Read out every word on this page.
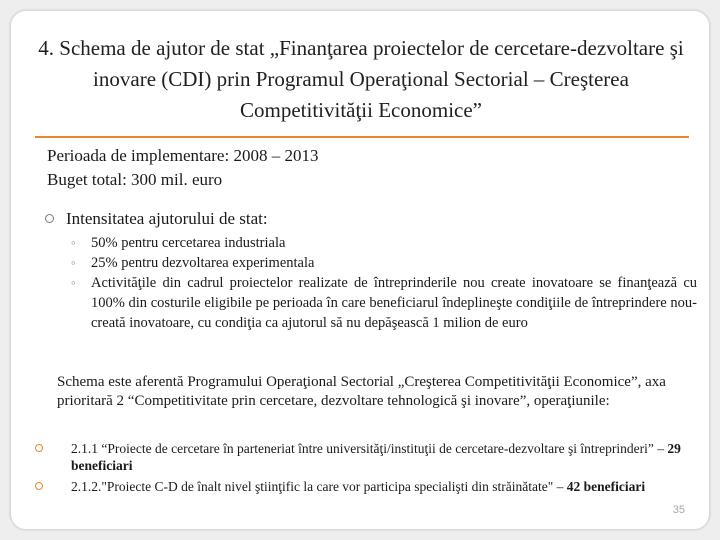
4. Schema de ajutor de stat „Finanţarea proiectelor de cercetare-dezvoltare şi inovare (CDI) prin Programul Operaţional Sectorial – Creşterea Competitivităţii Economice”
Perioada de implementare: 2008 – 2013
Buget total: 300 mil. euro
Intensitatea ajutorului de stat:
◦ 50% pentru cercetarea industriala
◦ 25% pentru dezvoltarea experimentala
◦ Activităţile din cadrul proiectelor realizate de întreprinderile nou create inovatoare se finanţează cu 100% din costurile eligibile pe perioada în care beneficiarul îndeplineşte condiţiile de întreprindere nou-creată inovatoare, cu condiţia ca ajutorul să nu depăşească 1 milion de euro
Schema este aferentă Programului Operaţional Sectorial „Creşterea Competitivităţii Economice”, axa prioritară 2 “Competitivitate prin cercetare, dezvoltare tehnologică şi inovare”, operaţiunile:
2.1.1 “Proiecte de cercetare în parteneriat între universităţi/instituţii de cercetare-dezvoltare şi întreprinderi” – 29 beneficiari
2.1.2."Proiecte C-D de înalt nivel ştiinţific la care vor participa specialişti din străinătate" – 42 beneficiari
35
